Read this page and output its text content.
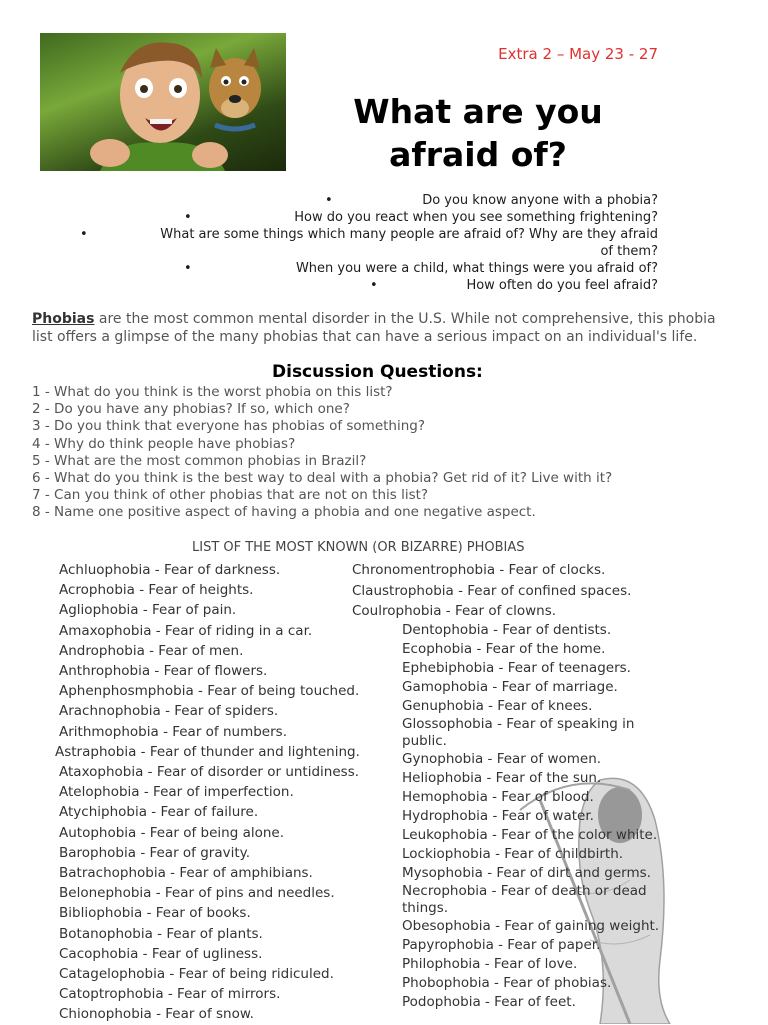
Extra 2 – May 23 - 27
What are you
afraid of?
•	Do you know anyone with a phobia?
•	How do you react when you see something frightening?
•	What are some things which many people are afraid of? Why are they afraid of them?
•	When you were a child, what things were you afraid of?
•	How often do you feel afraid?

Phobias are the most common mental disorder in the U.S. While not comprehensive, this phobia list offers a glimpse of the many phobias that can have a serious impact on an individual's life.

Discussion Questions:
1 - What do you think is the worst phobia on this list?
2 - Do you have any phobias? If so, which one?
3 - Do you think that everyone has phobias of something?
4 - Why do think people have phobias?
5 - What are the most common phobias in Brazil?
6 - What do you think is the best way to deal with a phobia? Get rid of it? Live with it?
7 - Can you think of other phobias that are not on this list?
8 - Name one positive aspect of having a phobia and one negative aspect.
LIST OF THE MOST KNOWN (OR BIZARRE) PHOBIAS
Achluophobia - Fear of darkness.
Acrophobia - Fear of heights.
Agliophobia - Fear of pain.
Amaxophobia - Fear of riding in a car.
Androphobia - Fear of men.
Anthrophobia - Fear of flowers.
Aphenphosmphobia - Fear of being touched.
Arachnophobia - Fear of spiders.
Arithmophobia - Fear of numbers.
Astraphobia - Fear of thunder and lightening.
Ataxophobia - Fear of disorder or untidiness.
Atelophobia - Fear of imperfection.
Atychiphobia - Fear of failure.
Autophobia - Fear of being alone.
Barophobia - Fear of gravity.
Batrachophobia - Fear of amphibians.
Belonephobia - Fear of pins and needles.
Bibliophobia - Fear of books.
Botanophobia - Fear of plants.
Cacophobia - Fear of ugliness.
Catagelophobia - Fear of being ridiculed.
Catoptrophobia - Fear of mirrors.
Chionophobia - Fear of snow.
Chronomentrophobia - Fear of clocks.
Claustrophobia - Fear of confined spaces.
Coulrophobia - Fear of clowns.
Dentophobia - Fear of dentists.
Ecophobia - Fear of the home.
Ephebiphobia - Fear of teenagers.
Gamophobia - Fear of marriage.
Genuphobia - Fear of knees.
Glossophobia - Fear of speaking in public.
Gynophobia - Fear of women.
Heliophobia - Fear of the sun.
Hemophobia - Fear of blood.
Hydrophobia - Fear of water.
Leukophobia - Fear of the color white.
Lockiophobia - Fear of childbirth.
Mysophobia - Fear of dirt and germs.
Necrophobia - Fear of death or dead things.
Obesophobia - Fear of gaining weight.
Papyrophobia - Fear of paper.
Philophobia - Fear of love.
Phobophobia - Fear of phobias.
Podophobia - Fear of feet.
